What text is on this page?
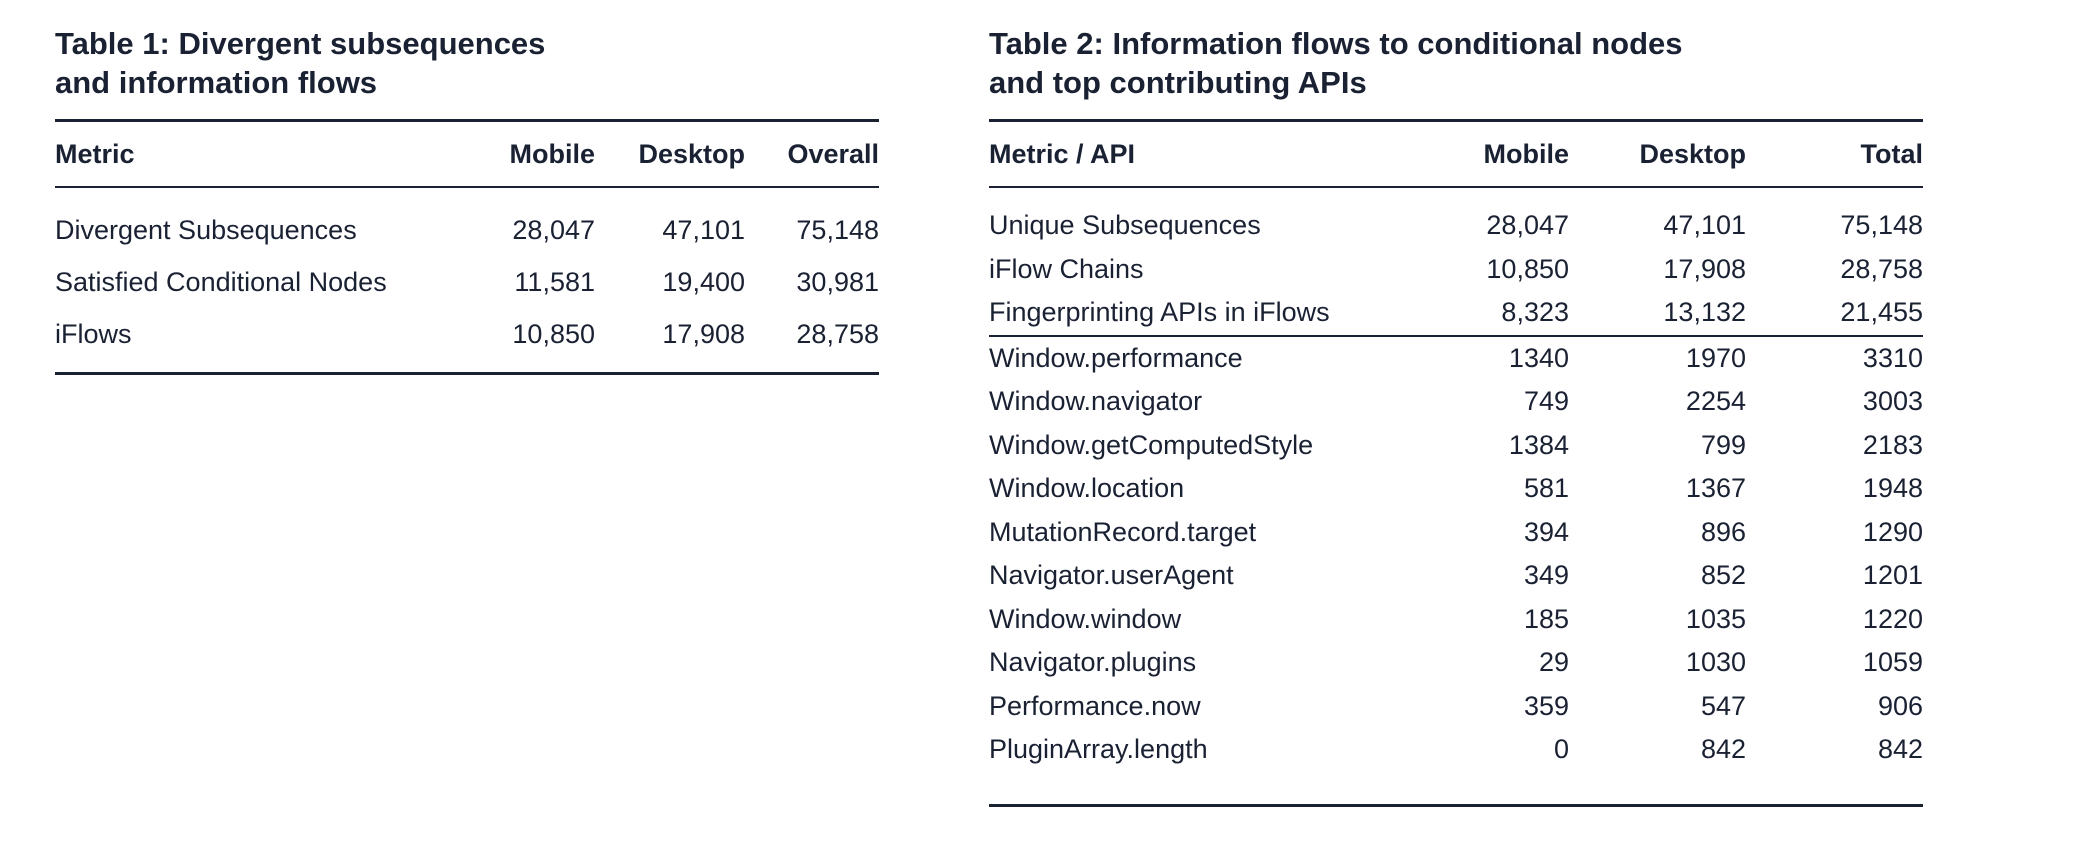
Table 1: Divergent subsequences
and information flows
Metric	Mobile	Desktop	Overall

Divergent Subsequences	28,047	47,101	75,148
Satisfied Conditional Nodes	11,581	19,400	30,981
iFlows	10,850	17,908	28,758

Table 2: Information flows to conditional nodes
and top contributing APIs
Metric / API	Mobile	Desktop	Total

Unique Subsequences	28,047	47,101	75,148
iFlow Chains	10,850	17,908	28,758
Fingerprinting APIs in iFlows	8,323	13,132	21,455
Window.performance	1340	1970	3310
Window.navigator	749	2254	3003
Window.getComputedStyle	1384	799	2183
Window.location	581	1367	1948
MutationRecord.target	394	896	1290
Navigator.userAgent	349	852	1201
Window.window	185	1035	1220
Navigator.plugins	29	1030	1059
Performance.now	359	547	906
PluginArray.length	0	842	842
